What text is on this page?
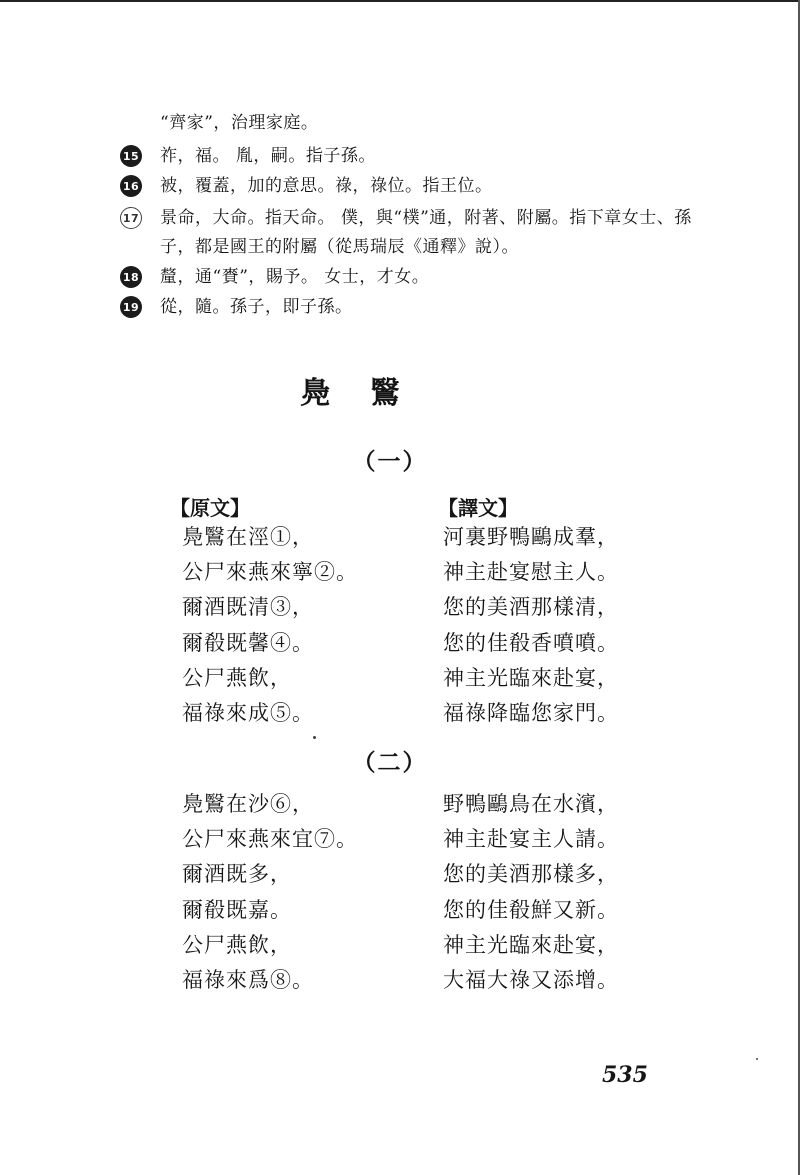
“齊家”，治理家庭。
15 祚，福。 胤，嗣。指子孫。
16 被，覆蓋，加的意思。祿，祿位。指王位。
17 景命，大命。指天命。 僕，與“樸”通，附著、附屬。指下章女士、孫
子，都是國王的附屬（從馬瑞辰《通釋》說）。
18 釐，通“賚”，賜予。 女士，才女。
19 從，隨。孫子，即子孫。
鳧鷖
（一）
【原文】	【譯文】
鳧鷖在涇①，
公尸來燕來寧②。
爾酒既清③，
爾殽既馨④。
公尸燕飲，
福祿來成⑤。
河裏野鴨鷗成羣，
神主赴宴慰主人。
您的美酒那樣清，
您的佳殽香噴噴。
神主光臨來赴宴，
福祿降臨您家門。
（二）
鳧鷖在沙⑥，
公尸來燕來宜⑦。
爾酒既多，
爾殽既嘉。
公尸燕飲，
福祿來爲⑧。
野鴨鷗鳥在水濱，
神主赴宴主人請。
您的美酒那樣多，
您的佳殽鮮又新。
神主光臨來赴宴，
大福大祿又添增。
535
